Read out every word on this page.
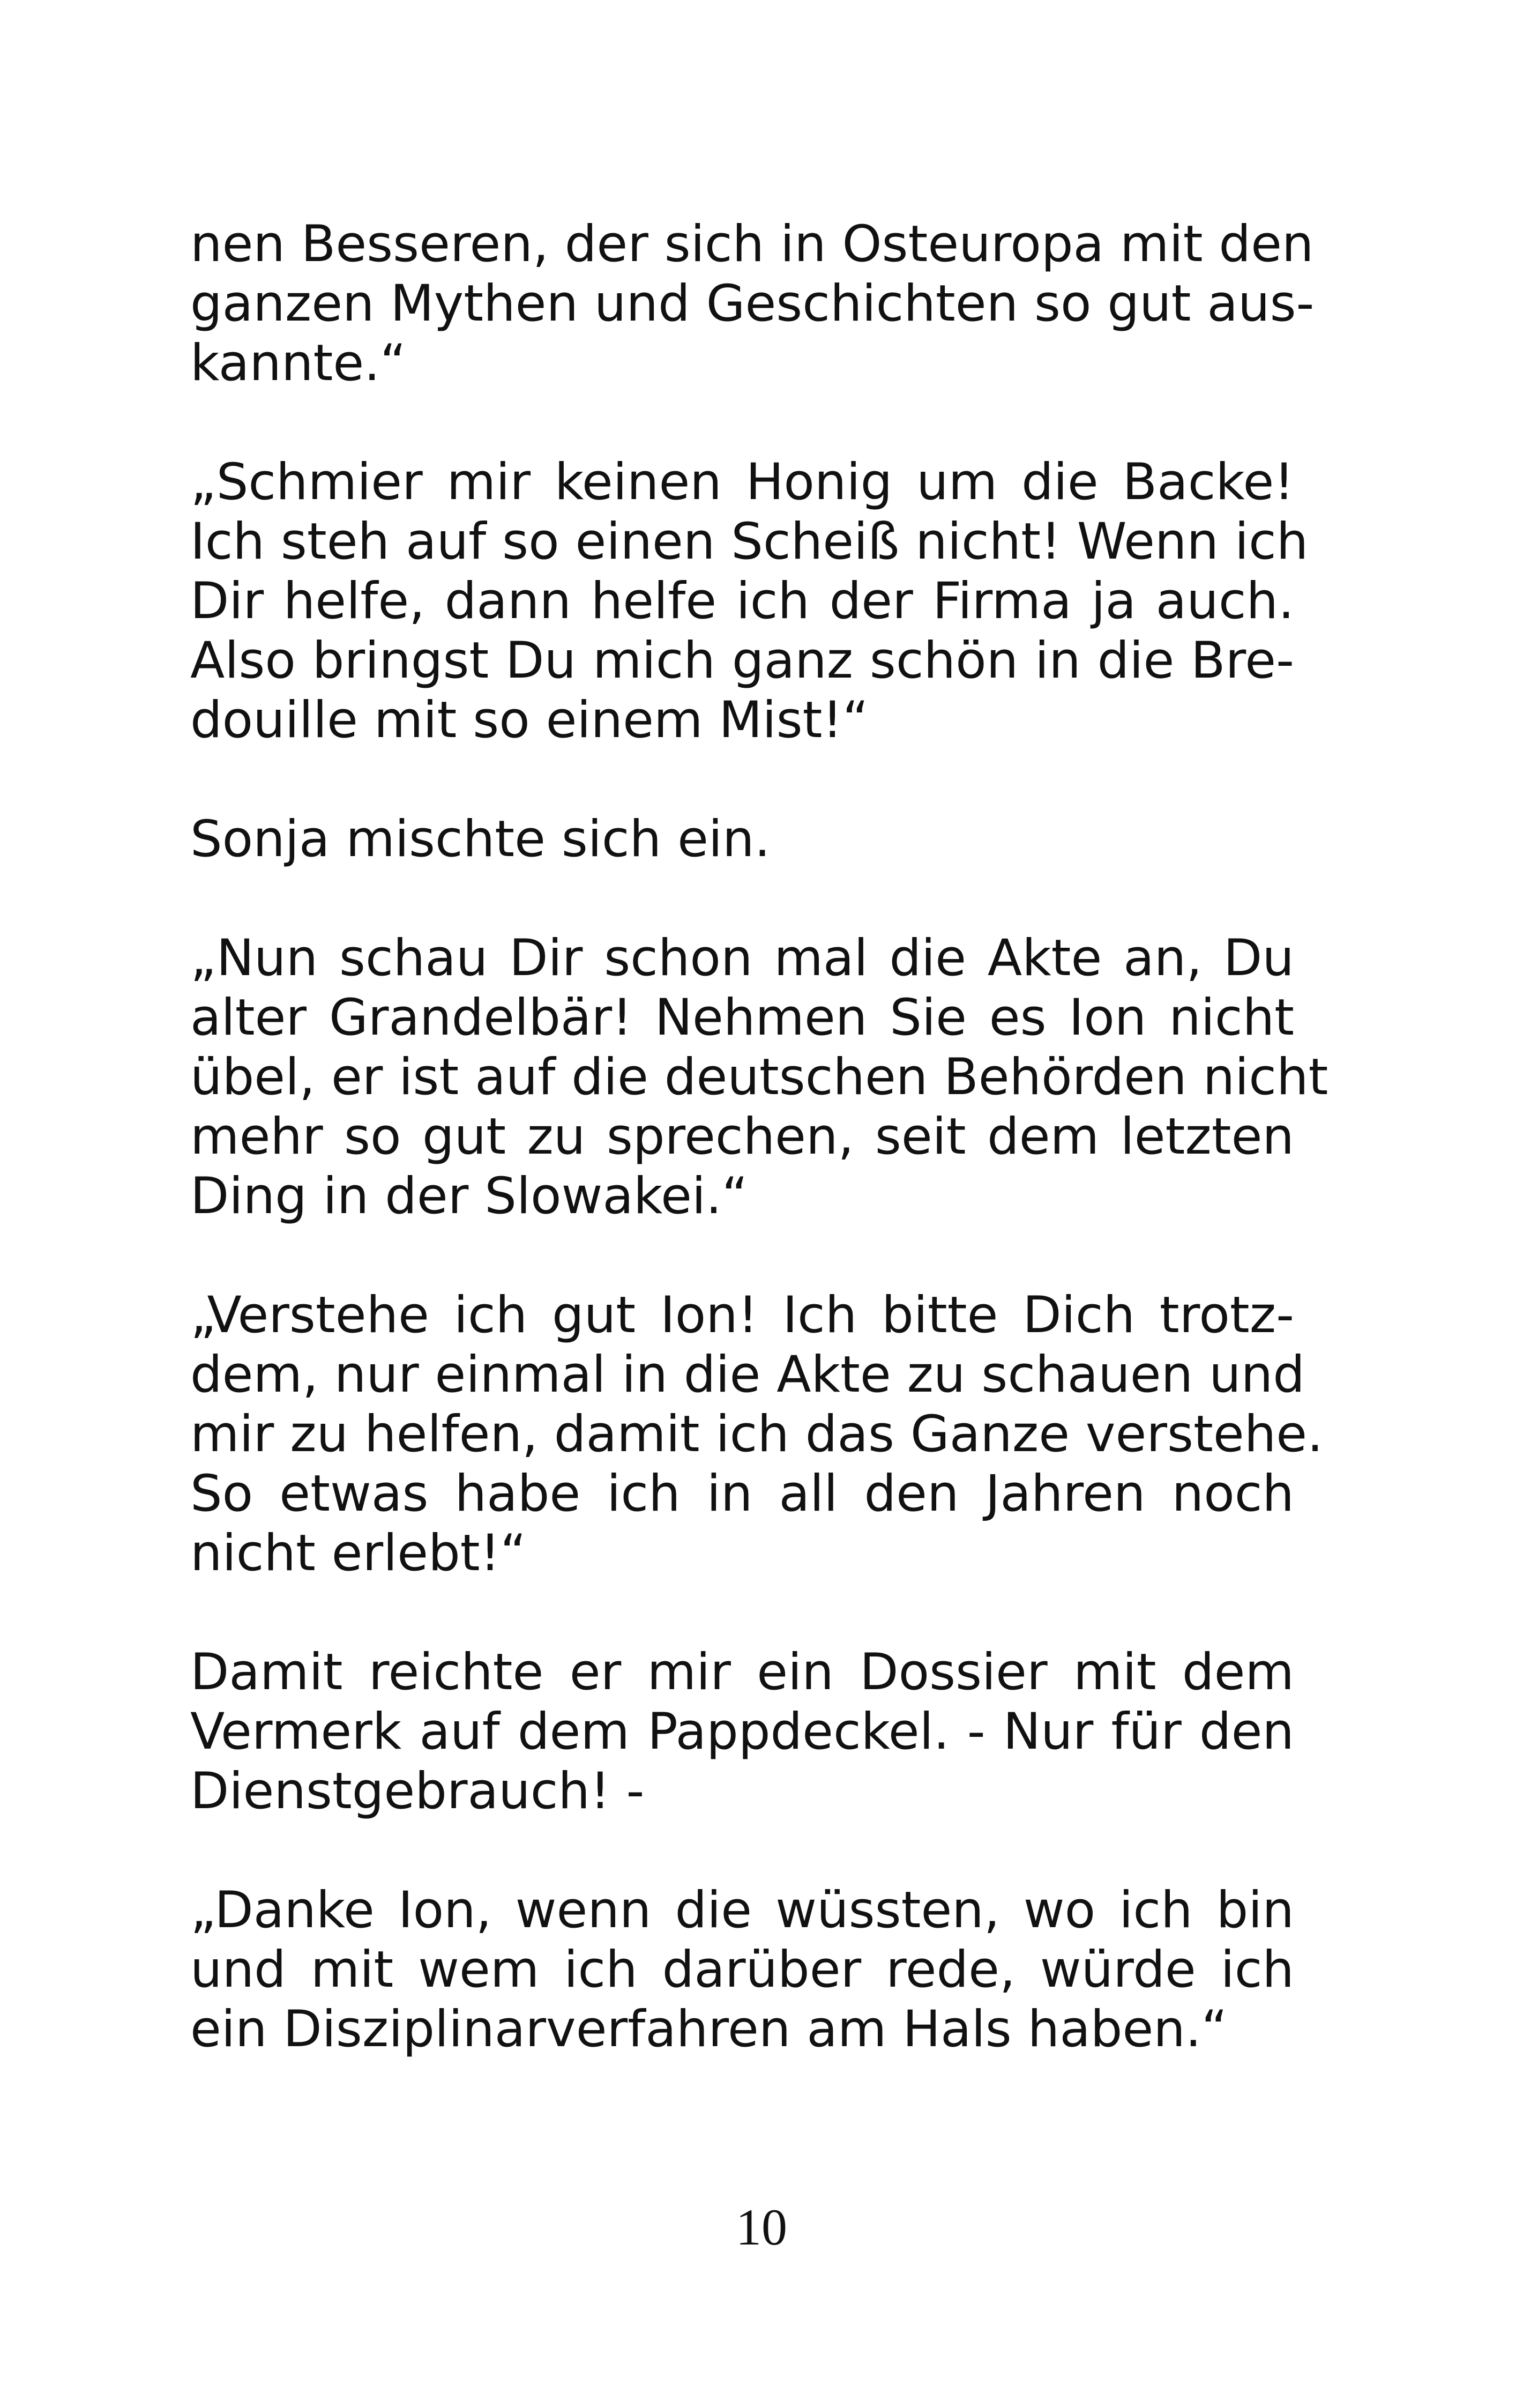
nen Besseren, der sich in Osteuropa mit den
ganzen Mythen und Geschichten so gut aus-
kannte.“

„Schmier mir keinen Honig um die Backe!
Ich steh auf so einen Scheiß nicht! Wenn ich
Dir helfe, dann helfe ich der Firma ja auch.
Also bringst Du mich ganz schön in die Bre-
douille mit so einem Mist!“

Sonja mischte sich ein.

„Nun schau Dir schon mal die Akte an, Du
alter Grandelbär! Nehmen Sie es Ion nicht
übel, er ist auf die deutschen Behörden nicht
mehr so gut zu sprechen, seit dem letzten
Ding in der Slowakei.“

„Verstehe ich gut Ion! Ich bitte Dich trotz-
dem, nur einmal in die Akte zu schauen und
mir zu helfen, damit ich das Ganze verstehe.
So etwas habe ich in all den Jahren noch
nicht erlebt!“

Damit reichte er mir ein Dossier mit dem
Vermerk auf dem Pappdeckel. - Nur für den
Dienstgebrauch! -

„Danke Ion, wenn die wüssten, wo ich bin
und mit wem ich darüber rede, würde ich
ein Disziplinarverfahren am Hals haben.“

10
